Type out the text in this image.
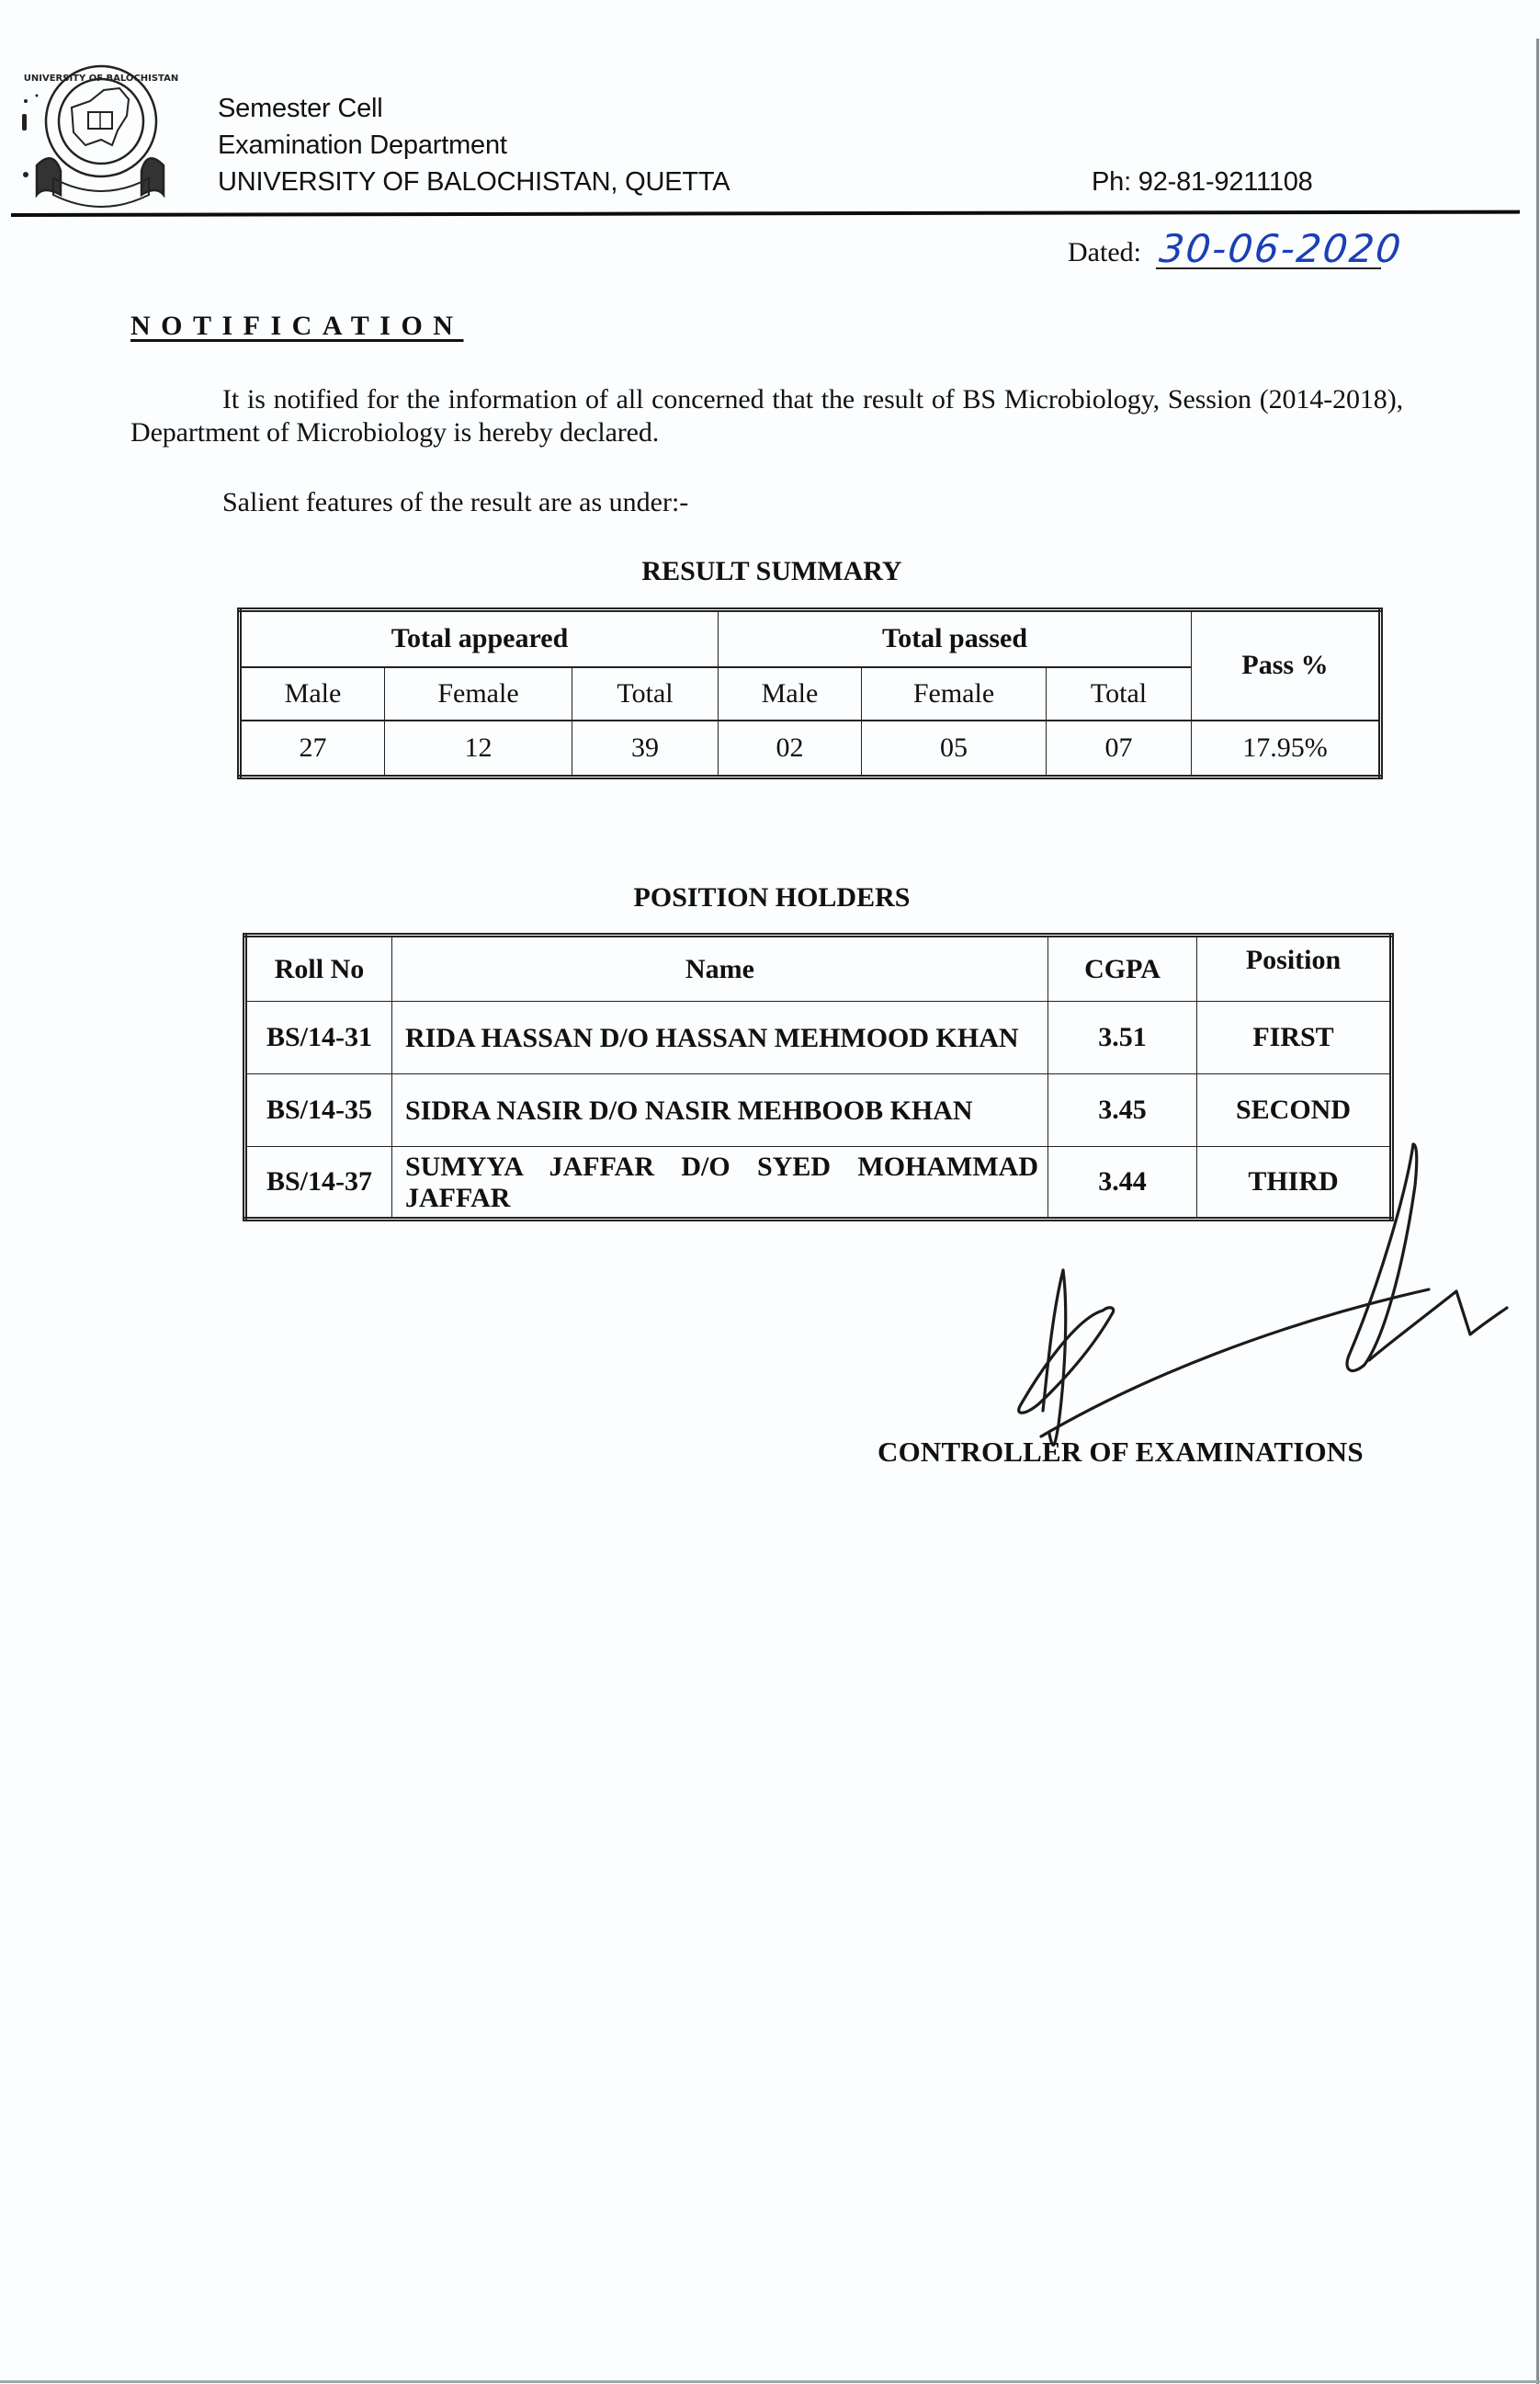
UNIVERSITY OF BALOCHISTAN
Semester Cell
Examination Department
UNIVERSITY OF BALOCHISTAN, QUETTA	Ph: 92-81-9211108
Dated: 30-06-2020
NOTIFICATION
It is notified for the information of all concerned that the result of BS Microbiology, Session (2014-2018), Department of Microbiology is hereby declared.
Salient features of the result are as under:-
RESULT SUMMARY
Total appeared			Total passed			Pass %
Male	Female	Total	Male	Female	Total	
27	12	39	02	05	07	17.95%
POSITION HOLDERS
Roll No	Name	CGPA	Position
BS/14-31	RIDA HASSAN D/O HASSAN MEHMOOD KHAN	3.51	FIRST
BS/14-35	SIDRA NASIR D/O NASIR MEHBOOB KHAN	3.45	SECOND
BS/14-37	SUMYYA JAFFAR D/O SYED MOHAMMAD JAFFAR	3.44	THIRD
CONTROLLER OF EXAMINATIONS
